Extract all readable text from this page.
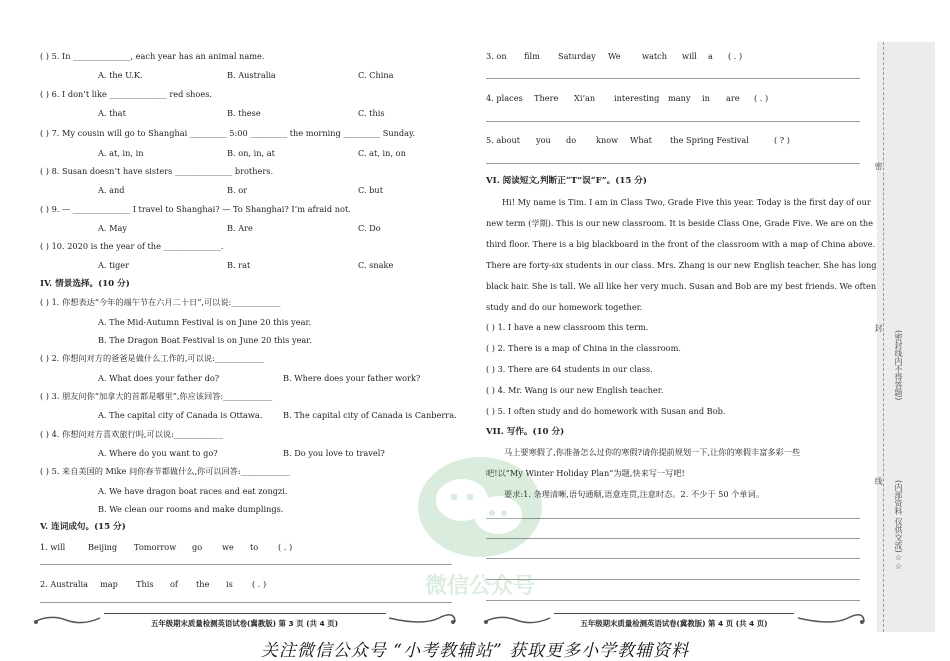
( ) 5. In ______________, each year has an animal name.
A. the U.K.	B. Australia	C. China
( ) 6. I don’t like ______________ red shoes.
A. that	B. these	C. this
( ) 7. My cousin will go to Shanghai _________ 5:00 _________ the morning _________ Sunday.
A. at, in, in	B. on, in, at	C. at, in, on
( ) 8. Susan doesn’t have sisters ______________ brothers.
A. and	B. or	C. but
( ) 9. — ______________ I travel to Shanghai? — To Shanghai? I’m afraid not.
A. May	B. Are	C. Do
( ) 10. 2020 is the year of the ______________.
A. tiger	B. rat	C. snake
IV. 情景选择。(10 分)
( ) 1. 你想表达“今年的端午节在六月二十日”,可以说:____________
A. The Mid-Autumn Festival is on June 20 this year.
B. The Dragon Boat Festival is on June 20 this year.
( ) 2. 你想问对方的爸爸是做什么工作的,可以说:____________
A. What does your father do?	B. Where does your father work?
( ) 3. 朋友问你“加拿大的首都是哪里”,你应该回答:____________
A. The capital city of Canada is Ottawa.	B. The capital city of Canada is Canberra.
( ) 4. 你想问对方喜欢旅行吗,可以说:____________
A. Where do you want to go?	B. Do you love to travel?
( ) 5. 来自美国的 Mike 问你春节都做什么,你可以回答:____________
A. We have dragon boat races and eat zongzi.
B. We clean our rooms and make dumplings.
V. 连词成句。(15 分)
1. will	Beijing Tomorrow go we to ( . )
2. Australia map This of the is ( . )
五年级期末质量检测英语试卷(冀教版) 第 3 页 (共 4 页)
3. on film Saturday We	watch will a ( . )
4. places There Xi’an interesting many in are ( . )
5. about you do know What the Spring Festival	( ? )
VI. 阅读短文,判断正“T”误“F”。(15 分)
Hi! My name is Tim. I am in Class Two, Grade Five this year. Today is the first day of our
new term (学期). This is our new classroom. It is beside Class One, Grade Five. We are on the
third floor. There is a big blackboard in the front of the classroom with a map of China above.
There are forty-six students in our class. Mrs. Zhang is our new English teacher. She has long
black hair. She is tall. We all like her very much. Susan and Bob are my best friends. We often
study and do our homework together.
( ) 1. I have a new classroom this term.
( ) 2. There is a map of China in the classroom.
( ) 3. There are 64 students in our class.
( ) 4. Mr. Wang is our new English teacher.
( ) 5. I often study and do homework with Susan and Bob.
VII. 写作。(10 分)
马上要寒假了,你准备怎么过你的寒假?请你提前规划一下,让你的寒假丰富多彩一些
吧!以“My Winter Holiday Plan”为题,快来写一写吧!
要求:1. 条理清晰,语句通顺,语意连贯,注意时态。2. 不少于 50 个单词。
五年级期末质量检测英语试卷(冀教版) 第 4 页 (共 4 页)
密
封
线
(密封线内不得答题)
(内部资料 仅供交流)☆☆
微信公众号
关注微信公众号 “小考教辅站” 获取更多小学教辅资料
